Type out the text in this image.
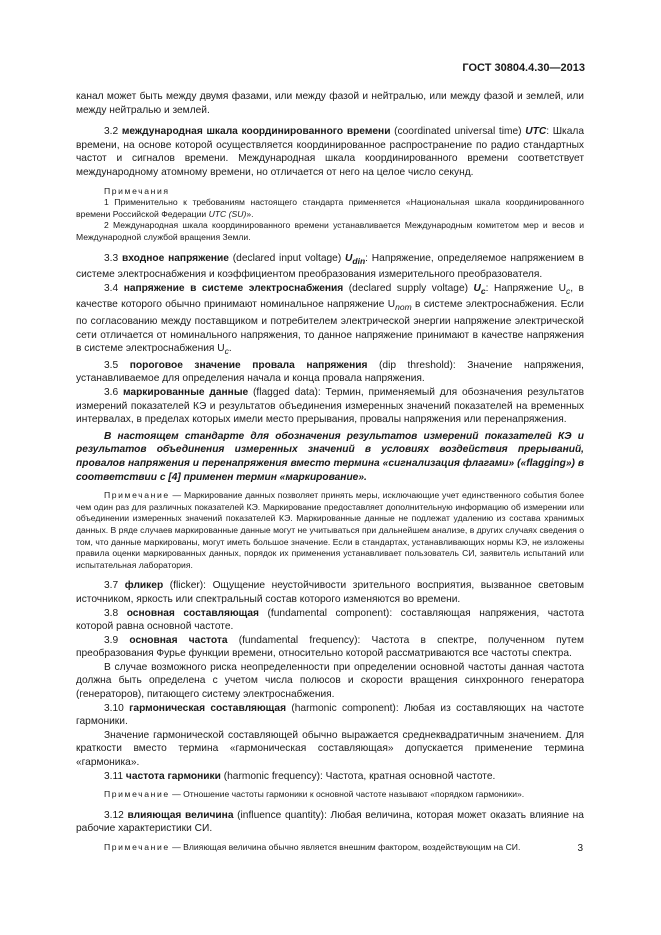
ГОСТ 30804.4.30—2013

канал может быть между двумя фазами, или между фазой и нейтралью, или между фазой и землей, или между нейтралью и землей.

3.2 международная шкала координированного времени (coordinated universal time) UTC: Шкала времени, на основе которой осуществляется координированное распространение по радио стандартных частот и сигналов времени. Международная шкала координированного времени соответствует международному атомному времени, но отличается от него на целое число секунд.

Примечания

1 Применительно к требованиям настоящего стандарта применяется «Национальная шкала координированного времени Российской Федерации UTC (SU)».

2 Международная шкала координированного времени устанавливается Международным комитетом мер и весов и Международной службой вращения Земли.

3.3 входное напряжение (declared input voltage) $U_{din}$: Напряжение, определяемое напряжением в системе электроснабжения и коэффициентом преобразования измерительного преобразователя.

3.4 напряжение в системе электроснабжения (declared supply voltage) $U_c$: Напряжение $U_c$, в качестве которого обычно принимают номинальное напряжение $U_{nom}$ в системе электроснабжения. Если по согласованию между поставщиком и потребителем электрической энергии напряжение электрической сети отличается от номинального напряжения, то данное напряжение принимают в качестве напряжения в системе электроснабжения $U_c$.

3.5 пороговое значение провала напряжения (dip threshold): Значение напряжения, устанавливаемое для определения начала и конца провала напряжения.

3.6 маркированные данные (flagged data): Термин, применяемый для обозначения результатов измерений показателей КЭ и результатов объединения измеренных значений показателей на временных интервалах, в пределах которых имели место прерывания, провалы напряжения или перенапряжения.

В настоящем стандарте для обозначения результатов измерений показателей КЭ и результатов объединения измеренных значений в условиях воздействия прерываний, провалов напряжения и перенапряжения вместо термина «сигнализация флагами» («flagging») в соответствии с [4] применен термин «маркирование».

Примечание — Маркирование данных позволяет принять меры, исключающие учет единственного события более чем один раз для различных показателей КЭ. Маркирование предоставляет дополнительную информацию об измерении или объединении измеренных значений показателей КЭ. Маркированные данные не подлежат удалению из состава хранимых данных. В ряде случаев маркированные данные могут не учитываться при дальнейшем анализе, в других случаях сведения о том, что данные маркированы, могут иметь большое значение. Если в стандартах, устанавливающих нормы КЭ, не изложены правила оценки маркированных данных, порядок их применения устанавливает пользователь СИ, заявитель испытаний или испытательная лаборатория.

3.7 фликер (flicker): Ощущение неустойчивости зрительного восприятия, вызванное световым источником, яркость или спектральный состав которого изменяются во времени.

3.8 основная составляющая (fundamental component): составляющая напряжения, частота которой равна основной частоте.

3.9 основная частота (fundamental frequency): Частота в спектре, полученном путем преобразования Фурье функции времени, относительно которой рассматриваются все частоты спектра.

В случае возможного риска неопределенности при определении основной частоты данная частота должна быть определена с учетом числа полюсов и скорости вращения синхронного генератора (генераторов), питающего систему электроснабжения.

3.10 гармоническая составляющая (harmonic component): Любая из составляющих на частоте гармоники.

Значение гармонической составляющей обычно выражается среднеквадратичным значением. Для краткости вместо термина «гармоническая составляющая» допускается применение термина «гармоника».

3.11 частота гармоники (harmonic frequency): Частота, кратная основной частоте.

Примечание — Отношение частоты гармоники к основной частоте называют «порядком гармоники».

3.12 влияющая величина (influence quantity): Любая величина, которая может оказать влияние на рабочие характеристики СИ.

Примечание — Влияющая величина обычно является внешним фактором, воздействующим на СИ.	3
